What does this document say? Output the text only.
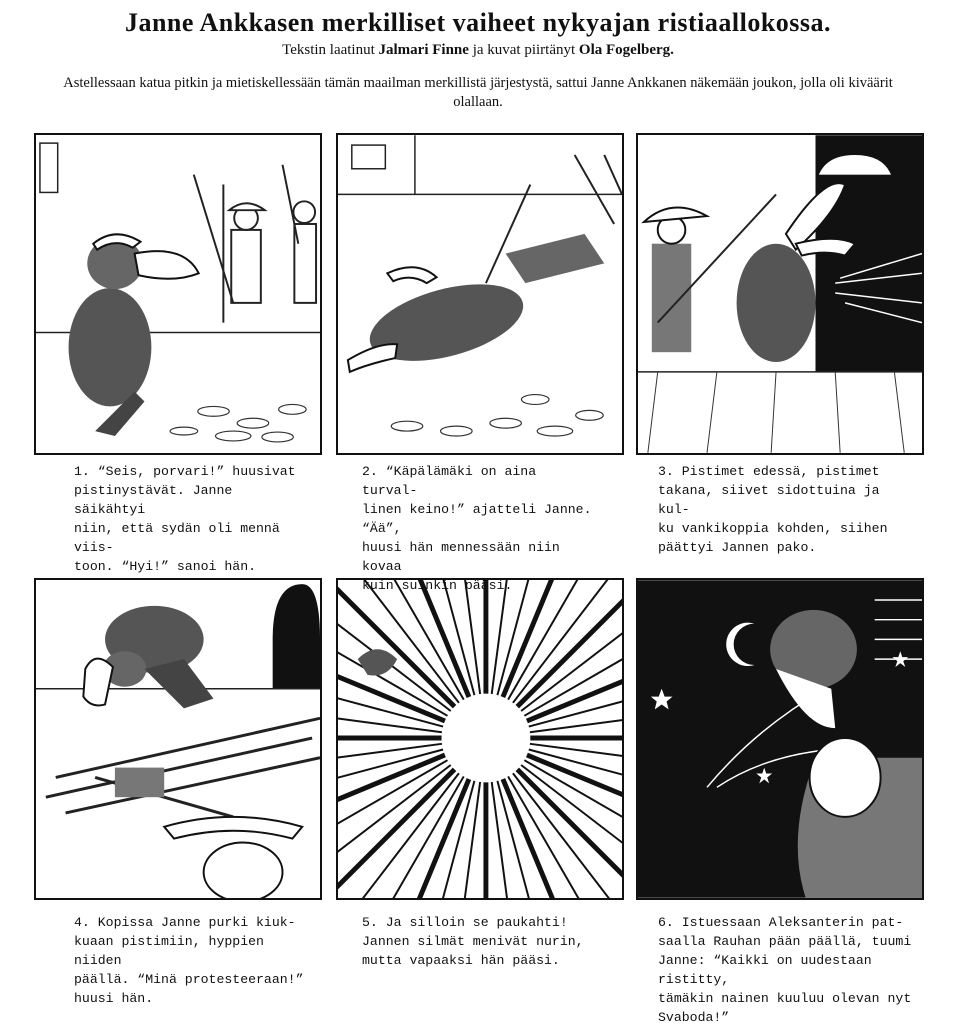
Janne Ankkasen merkilliset vaiheet nykyajan ristiaallokossa.
Tekstin laatinut Jalmari Finne ja kuvat piirtänyt Ola Fogelberg.
Astellessaan katua pitkin ja mietiskellessään tämän maailman merkillistä järjestystä, sattui Janne Ankkanen näkemään joukon, jolla oli kiväärit olallaan.
1. “Seis, porvari!” huusivat
pistinystävät. Janne säikähtyi
niin, että sydän oli mennä viis-
toon. “Hyi!” sanoi hän.
2. “Käpälämäki on aina turval-
linen keino!” ajatteli Janne. “Ää”,
huusi hän mennessään niin kovaa
kuin suinkin pääsi.
3. Pistimet edessä, pistimet
takana, siivet sidottuina ja kul-
ku vankikoppia kohden, siihen
päättyi Jannen pako.
4. Kopissa Janne purki kiuk-
kuaan pistimiin, hyppien niiden
päällä. “Minä protesteeraan!”
huusi hän.
5. Ja silloin se paukahti!
Jannen silmät menivät nurin,
mutta vapaaksi hän pääsi.
6. Istuessaan Aleksanterin pat-
saalla Rauhan pään päällä, tuumi
Janne: “Kaikki on uudestaan ristitty,
tämäkin nainen kuuluu olevan nyt
Svaboda!”
